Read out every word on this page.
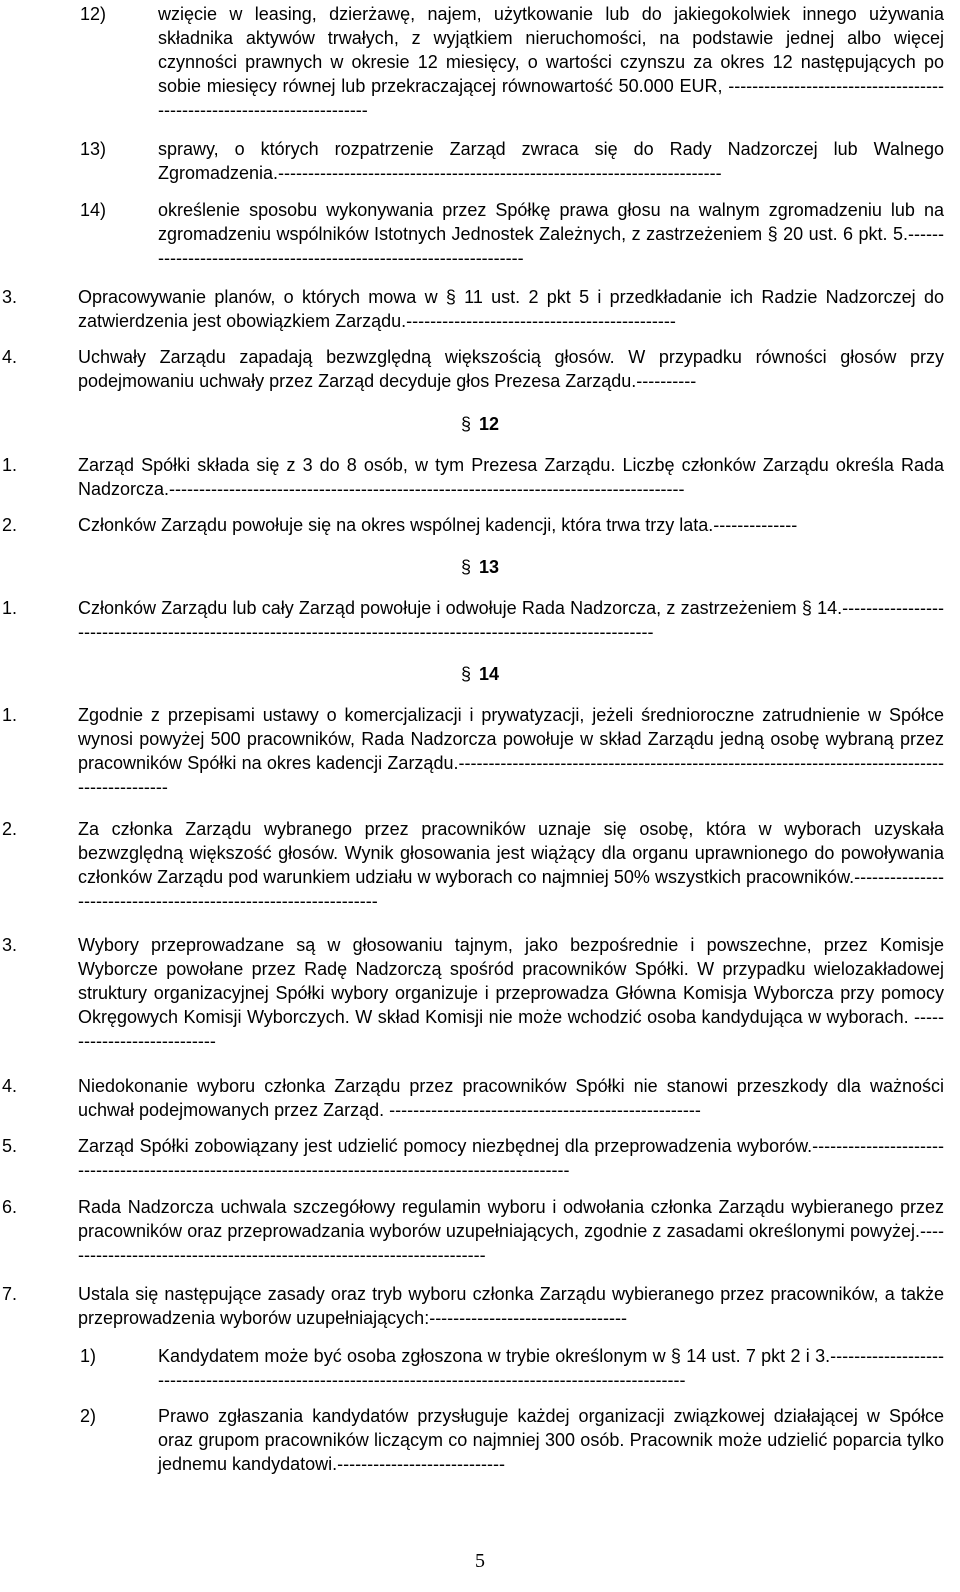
12)	wzięcie w leasing, dzierżawę, najem, użytkowanie lub do jakiegokolwiek innego używania składnika aktywów trwałych, z wyjątkiem nieruchomości, na podstawie jednej albo więcej czynności prawnych w okresie 12 miesięcy, o wartości czynszu za okres 12 następujących po sobie miesięcy równej lub przekraczającej równowartość 50.000 EUR, -----------------------------------------------------------------------
13)	sprawy, o których rozpatrzenie Zarząd zwraca się do Rady Nadzorczej lub Walnego Zgromadzenia.--------------------------------------------------------------------------
14)	określenie sposobu wykonywania przez Spółkę prawa głosu na walnym zgromadzeniu lub na zgromadzeniu wspólników Istotnych Jednostek Zależnych, z zastrzeżeniem § 20 ust. 6 pkt. 5.-------------------------------------------------------------------
3.	Opracowywanie planów, o których mowa w § 11 ust. 2 pkt 5 i przedkładanie ich Radzie Nadzorczej do zatwierdzenia jest obowiązkiem Zarządu.---------------------------------------------
4.	Uchwały Zarządu zapadają bezwzględną większością głosów. W przypadku równości głosów przy podejmowaniu uchwały przez Zarząd decyduje głos Prezesa Zarządu.----------
§ 12
1.	Zarząd Spółki składa się z 3 do 8 osób, w tym Prezesa Zarządu. Liczbę członków Zarządu określa Rada Nadzorcza.--------------------------------------------------------------------------------------
2.	Członków Zarządu powołuje się na okres wspólnej kadencji, która trwa trzy lata.--------------
§ 13
1.	Członków Zarządu lub cały Zarząd powołuje i odwołuje Rada Nadzorcza, z zastrzeżeniem § 14.-----------------------------------------------------------------------------------------------------------------
§ 14
1.	Zgodnie z przepisami ustawy o komercjalizacji i prywatyzacji, jeżeli średnioroczne zatrudnienie w Spółce wynosi powyżej 500 pracowników, Rada Nadzorcza powołuje w skład Zarządu jedną osobę wybraną przez pracowników Spółki na okres kadencji Zarządu.------------------------------------------------------------------------------------------------
2.	Za członka Zarządu wybranego przez pracowników uznaje się osobę, która w wyborach uzyskała bezwzględną większość głosów. Wynik głosowania jest wiążący dla organu uprawnionego do powoływania członków Zarządu pod warunkiem udziału w wyborach co najmniej 50% wszystkich pracowników.-----------------------------------------------------------------
3.	Wybory przeprowadzane są w głosowaniu tajnym, jako bezpośrednie i powszechne, przez Komisje Wyborcze powołane przez Radę Nadzorczą spośród pracowników Spółki. W przypadku wielozakładowej struktury organizacyjnej Spółki wybory organizuje i przeprowadza Główna Komisja Wyborcza przy pomocy Okręgowych Komisji Wyborczych. W skład Komisji nie może wchodzić osoba kandydująca w wyborach. ----------------------------
4.	Niedokonanie wyboru członka Zarządu przez pracowników Spółki nie stanowi przeszkody dla ważności uchwał podejmowanych przez Zarząd. ----------------------------------------------------
5.	Zarząd Spółki zobowiązany jest udzielić pomocy niezbędnej dla przeprowadzenia wyborów.--------------------------------------------------------------------------------------------------------
6.	Rada Nadzorcza uchwala szczegółowy regulamin wyboru i odwołania członka Zarządu wybieranego przez pracowników oraz przeprowadzania wyborów uzupełniających, zgodnie z zasadami określonymi powyżej.------------------------------------------------------------------------
7.	Ustala się następujące zasady oraz tryb wyboru członka Zarządu wybieranego przez pracowników, a także przeprowadzenia wyborów uzupełniających:---------------------------------
1)	Kandydatem może być osoba zgłoszona w trybie określonym w § 14 ust. 7 pkt 2 i 3.-----------------------------------------------------------------------------------------------------------
2)	Prawo zgłaszania kandydatów przysługuje każdej organizacji związkowej działającej w Spółce oraz grupom pracowników liczącym co najmniej 300 osób. Pracownik może udzielić poparcia tylko jednemu kandydatowi.----------------------------
5
